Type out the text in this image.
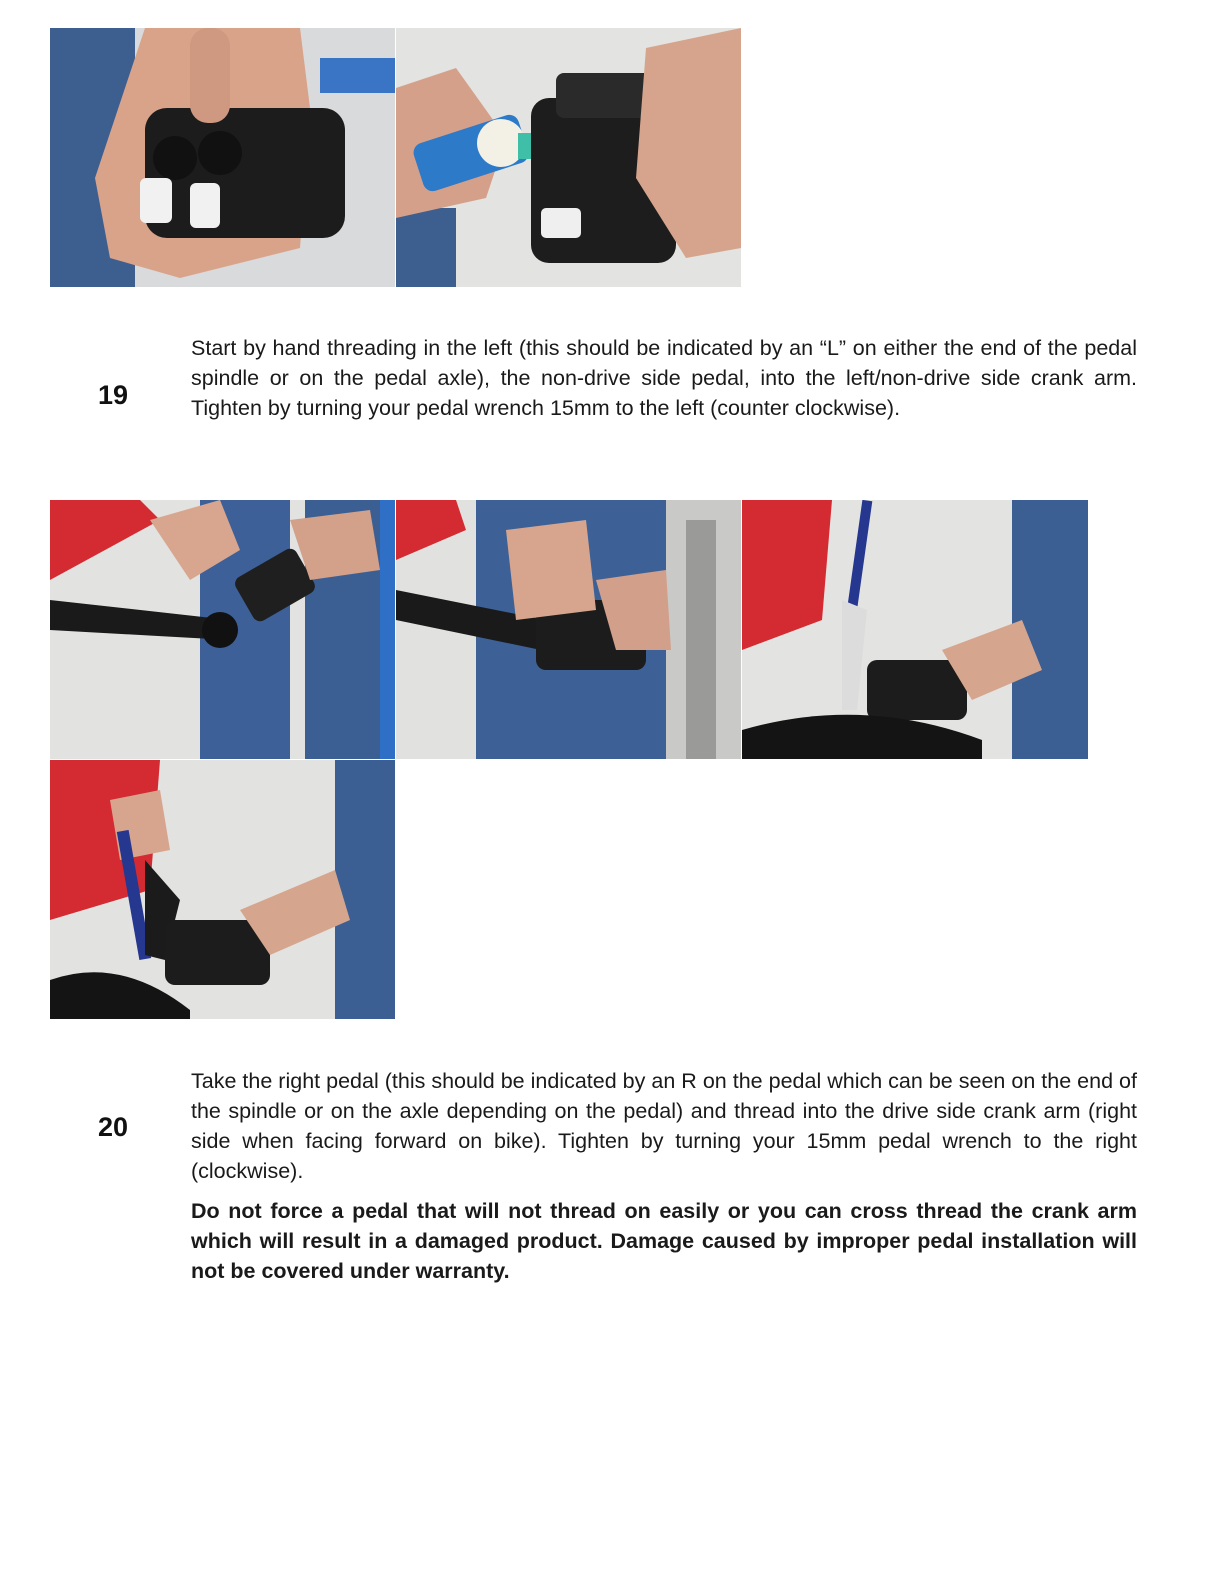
19

Start by hand threading in the left (this should be indicated by an “L” on either the end of the pedal spindle or on the pedal axle), the non-drive side pedal, into the left/non-drive side crank arm. Tighten by turning your pedal wrench 15mm to the left (counter clockwise).

20

Take the right pedal (this should be indicated by an R on the pedal which can be seen on the end of the spindle or on the axle depending on the pedal) and thread into the drive side crank arm (right side when facing forward on bike). Tighten by turning your 15mm pedal wrench to the right (clockwise).

Do not force a pedal that will not thread on easily or you can cross thread the crank arm which will result in a damaged product. Damage caused by improper pedal installation will not be covered under warranty.
